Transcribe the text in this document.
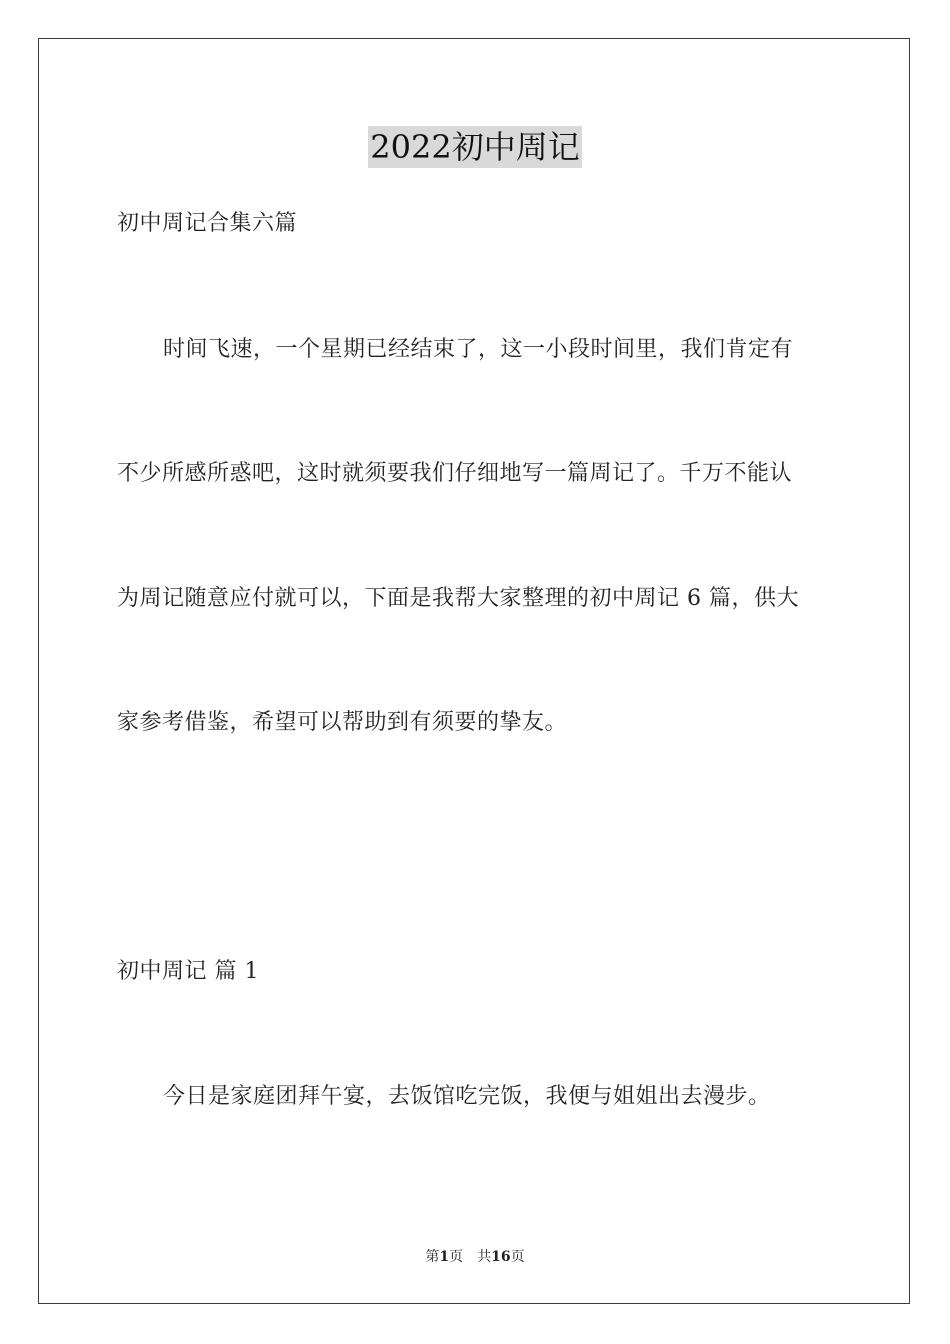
2022初中周记
初中周记合集六篇
时间飞速，一个星期已经结束了，这一小段时间里，我们肯定有
不少所感所惑吧，这时就须要我们仔细地写一篇周记了。千万不能认
为周记随意应付就可以，下面是我帮大家整理的初中周记 6 篇，供大
家参考借鉴，希望可以帮助到有须要的挚友。
初中周记 篇 1
今日是家庭团拜午宴，去饭馆吃完饭，我便与姐姐出去漫步。
第1页　共16页
